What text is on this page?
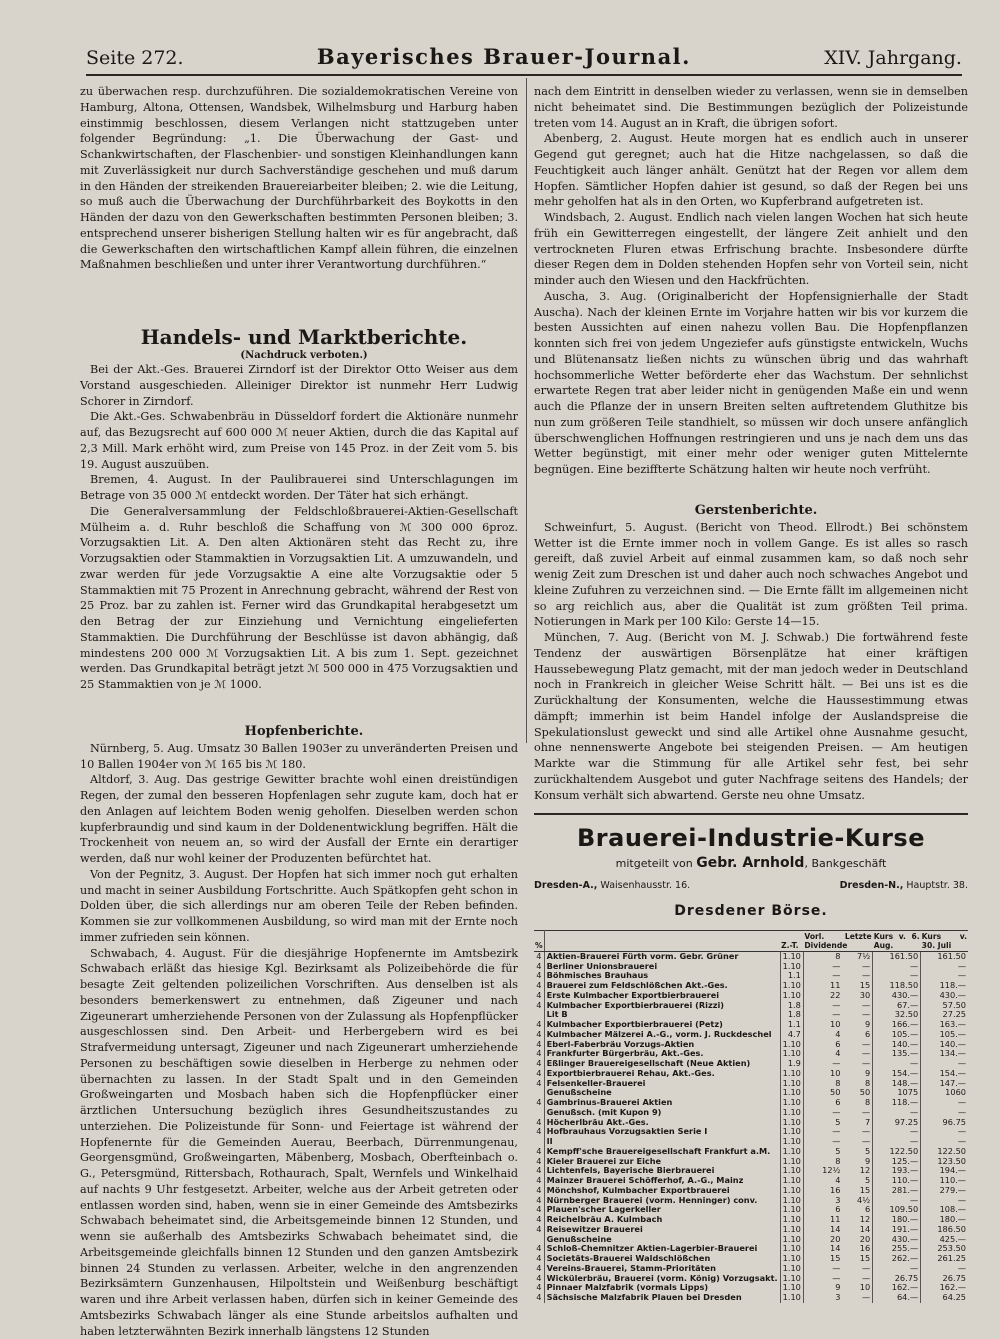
Seite 272.	Bayerisches Brauer-Journal.	XIV. Jahrgang.

zu überwachen resp. durchzuführen. Die sozialdemokratischen Vereine von Hamburg, Altona, Ottensen, Wandsbek, Wilhelmsburg und Harburg haben einstimmig beschlossen, diesem Verlangen nicht stattzugeben unter folgender Begründung: „1. Die Überwachung der Gast- und Schankwirtschaften, der Flaschenbier- und sonstigen Kleinhandlungen kann mit Zuverlässigkeit nur durch Sachverständige geschehen und muß darum in den Händen der streikenden Brauereiarbeiter bleiben; 2. wie die Leitung, so muß auch die Überwachung der Durchführbarkeit des Boykotts in den Händen der dazu von den Gewerkschaften bestimmten Personen bleiben; 3. entsprechend unserer bisherigen Stellung halten wir es für angebracht, daß die Gewerkschaften den wirtschaftlichen Kampf allein führen, die einzelnen Maßnahmen beschließen und unter ihrer Verantwortung durchführen.“

Handels- und Marktberichte.

(Nachdruck verboten.)

Bei der Akt.-Ges. Brauerei Zirndorf ist der Direktor Otto Weiser aus dem Vorstand ausgeschieden. Alleiniger Direktor ist nunmehr Herr Ludwig Schorer in Zirndorf.

Die Akt.-Ges. Schwabenbräu in Düsseldorf fordert die Aktionäre nunmehr auf, das Bezugsrecht auf 600 000 ℳ neuer Aktien, durch die das Kapital auf 2,3 Mill. Mark erhöht wird, zum Preise von 145 Proz. in der Zeit vom 5. bis 19. August auszuüben.

Bremen, 4. August. In der Paulibrauerei sind Unterschlagungen im Betrage von 35 000 ℳ entdeckt worden. Der Täter hat sich erhängt.

Die Generalversammlung der Feldschloßbrauerei-Aktien-Gesellschaft Mülheim a. d. Ruhr beschloß die Schaffung von ℳ 300 000 6proz. Vorzugsaktien Lit. A. Den alten Aktionären steht das Recht zu, ihre Vorzugsaktien oder Stammaktien in Vorzugsaktien Lit. A umzuwandeln, und zwar werden für jede Vorzugsaktie A eine alte Vorzugsaktie oder 5 Stammaktien mit 75 Prozent in Anrechnung gebracht, während der Rest von 25 Proz. bar zu zahlen ist. Ferner wird das Grundkapital herabgesetzt um den Betrag der zur Einziehung und Vernichtung eingelieferten Stammaktien. Die Durchführung der Beschlüsse ist davon abhängig, daß mindestens 200 000 ℳ Vorzugsaktien Lit. A bis zum 1. Sept. gezeichnet werden. Das Grundkapital beträgt jetzt ℳ 500 000 in 475 Vorzugsaktien und 25 Stammaktien von je ℳ 1000.

Hopfenberichte.

Nürnberg, 5. Aug. Umsatz 30 Ballen 1903er zu unveränderten Preisen und 10 Ballen 1904er von ℳ 165 bis ℳ 180.

Altdorf, 3. Aug. Das gestrige Gewitter brachte wohl einen dreistündigen Regen, der zumal den besseren Hopfenlagen sehr zugute kam, doch hat er den Anlagen auf leichtem Boden wenig geholfen. Dieselben werden schon kupferbraundig und sind kaum in der Doldenentwicklung begriffen. Hält die Trockenheit von neuem an, so wird der Ausfall der Ernte ein derartiger werden, daß nur wohl keiner der Produzenten befürchtet hat.

Von der Pegnitz, 3. August. Der Hopfen hat sich immer noch gut erhalten und macht in seiner Ausbildung Fortschritte. Auch Spätkopfen geht schon in Dolden über, die sich allerdings nur am oberen Teile der Reben befinden. Kommen sie zur vollkommenen Ausbildung, so wird man mit der Ernte noch immer zufrieden sein können.

Schwabach, 4. August. Für die diesjährige Hopfenernte im Amtsbezirk Schwabach erläßt das hiesige Kgl. Bezirksamt als Polizeibehörde die für besagte Zeit geltenden polizeilichen Vorschriften. Aus denselben ist als besonders bemerkenswert zu entnehmen, daß Zigeuner und nach Zigeunerart umherziehende Personen von der Zulassung als Hopfenpflücker ausgeschlossen sind. Den Arbeit- und Herbergebern wird es bei Strafvermeidung untersagt, Zigeuner und nach Zigeunerart umherziehende Personen zu beschäftigen sowie dieselben in Herberge zu nehmen oder übernachten zu lassen. In der Stadt Spalt und in den Gemeinden Großweingarten und Mosbach haben sich die Hopfenpflücker einer ärztlichen Untersuchung bezüglich ihres Gesundheitszustandes zu unterziehen. Die Polizeistunde für Sonn- und Feiertage ist während der Hopfenernte für die Gemeinden Auerau, Beerbach, Dürrenmungenau, Georgensgmünd, Großweingarten, Mäbenberg, Mosbach, Oberfteinbach o. G., Petersgmünd, Rittersbach, Rothaurach, Spalt, Wernfels und Winkelhaid auf nachts 9 Uhr festgesetzt. Arbeiter, welche aus der Arbeit getreten oder entlassen worden sind, haben, wenn sie in einer Gemeinde des Amtsbezirks Schwabach beheimatet sind, die Arbeitsgemeinde binnen 12 Stunden, und wenn sie außerhalb des Amtsbezirks Schwabach beheimatet sind, die Arbeitsgemeinde gleichfalls binnen 12 Stunden und den ganzen Amtsbezirk binnen 24 Stunden zu verlassen. Arbeiter, welche in den angrenzenden Bezirksämtern Gunzenhausen, Hilpoltstein und Weißenburg beschäftigt waren und ihre Arbeit verlassen haben, dürfen sich in keiner Gemeinde des Amtsbezirks Schwabach länger als eine Stunde arbeitslos aufhalten und haben letzterwähnten Bezirk innerhalb längstens 12 Stunden

nach dem Eintritt in denselben wieder zu verlassen, wenn sie in demselben nicht beheimatet sind. Die Bestimmungen bezüglich der Polizeistunde treten vom 14. August an in Kraft, die übrigen sofort.

Abenberg, 2. August. Heute morgen hat es endlich auch in unserer Gegend gut geregnet; auch hat die Hitze nachgelassen, so daß die Feuchtigkeit auch länger anhält. Genützt hat der Regen vor allem dem Hopfen. Sämtlicher Hopfen dahier ist gesund, so daß der Regen bei uns mehr geholfen hat als in den Orten, wo Kupferbrand aufgetreten ist.

Windsbach, 2. August. Endlich nach vielen langen Wochen hat sich heute früh ein Gewitterregen eingestellt, der längere Zeit anhielt und den vertrockneten Fluren etwas Erfrischung brachte. Insbesondere dürfte dieser Regen dem in Dolden stehenden Hopfen sehr von Vorteil sein, nicht minder auch den Wiesen und den Hackfrüchten.

Auscha, 3. Aug. (Originalbericht der Hopfensignierhalle der Stadt Auscha). Nach der kleinen Ernte im Vorjahre hatten wir bis vor kurzem die besten Aussichten auf einen nahezu vollen Bau. Die Hopfenpflanzen konnten sich frei von jedem Ungeziefer aufs günstigste entwickeln, Wuchs und Blütenansatz ließen nichts zu wünschen übrig und das wahrhaft hochsommerliche Wetter beförderte eher das Wachstum. Der sehnlichst erwartete Regen trat aber leider nicht in genügenden Maße ein und wenn auch die Pflanze der in unsern Breiten selten auftretendem Gluthitze bis nun zum größeren Teile standhielt, so müssen wir doch unsere anfänglich überschwenglichen Hoffnungen restringieren und uns je nach dem uns das Wetter begünstigt, mit einer mehr oder weniger guten Mittelernte begnügen. Eine beziffterte Schätzung halten wir heute noch verfrüht.

Gerstenberichte.

Schweinfurt, 5. August. (Bericht von Theod. Ellrodt.) Bei schönstem Wetter ist die Ernte immer noch in vollem Gange. Es ist alles so rasch gereift, daß zuviel Arbeit auf einmal zusammen kam, so daß noch sehr wenig Zeit zum Dreschen ist und daher auch noch schwaches Angebot und kleine Zufuhren zu verzeichnen sind. — Die Ernte fällt im allgemeinen nicht so arg reichlich aus, aber die Qualität ist zum größten Teil prima. Notierungen in Mark per 100 Kilo: Gerste 14—15.

München, 7. Aug. (Bericht von M. J. Schwab.) Die fortwährend feste Tendenz der auswärtigen Börsenplätze hat einer kräftigen Haussebewegung Platz gemacht, mit der man jedoch weder in Deutschland noch in Frankreich in gleicher Weise Schritt hält. — Bei uns ist es die Zurückhaltung der Konsumenten, welche die Haussestimmung etwas dämpft; immerhin ist beim Handel infolge der Auslandspreise die Spekulationslust geweckt und sind alle Artikel ohne Ausnahme gesucht, ohne nennenswerte Angebote bei steigenden Preisen. — Am heutigen Markte war die Stimmung für alle Artikel sehr fest, bei sehr zurückhaltendem Ausgebot und guter Nachfrage seitens des Handels; der Konsum verhält sich abwartend. Gerste neu ohne Umsatz.

Brauerei-Industrie-Kurse
mitgeteilt von Gebr. Arnhold, Bankgeschäft
Dresden-A., Waisenhausstr. 16.	Dresden-N., Hauptstr. 38.
Dresdener Börse.
%		Z.-T.	Vorl. Letzte Dividende		Kurs v. 6. Aug.	Kurs v. 30. Juli
4	Aktien-Brauerei Fürth vorm. Gebr. Grüner	1.10	8	7½	161.50	161.50
4	Berliner Unionsbrauerei	1.10	—	—	—	—
4	Böhmisches Brauhaus	1.1	—	—	—	—
4	Brauerei zum Feldschlößchen Akt.-Ges.	1.10	11	15	118.50	118.—
4	Erste Kulmbacher Exportbierbrauerei	1.10	22	30	430.—	430.—
4	Kulmbacher Exportbierbrauerei (Rizzi)	1.8	—	—	67.—	57.50
	Lit B	1.8	—	—	32.50	27.25
4	Kulmbacher Exportbierbrauerei (Petz)	1.1	10	9	166.—	163.—
4	Kulmbacher Mälzerei A.-G., vorm. J. Ruckdeschel	4.7	4	6	105.—	105.—
4	Eberl-Faberbräu Vorzugs-Aktien	1.10	6	—	140.—	140.—
4	Frankfurter Bürgerbräu, Akt.-Ges.	1.10	4	—	135.—	134.—
4	Eßlinger Brauereigesellschaft (Neue Aktien)	1.9	—	—	—	—
4	Exportbierbrauerei Rehau, Akt.-Ges.	1.10	10	9	154.—	154.—
4	Felsenkeller-Brauerei	1.10	8	8	148.—	147.—
	Genußscheine	1.10	50	50	1075	1060
4	Gambrinus-Brauerei Aktien	1.10	6	8	118.—	—
	Genußsch. (mit Kupon 9)	1.10	—	—	—	—
4	Höcherlbräu Akt.-Ges.	1.10	5	7	97.25	96.75
4	Hofbrauhaus Vorzugsaktien Serie I	1.10	—	—	—	—
	II	1.10	—	—	—	—
4	Kempff'sche Brauereigesellschaft Frankfurt a.M.	1.10	5	5	122.50	122.50
4	Kieler Brauerei zur Eiche	1.10	8	9	125.—	123.50
4	Lichtenfels, Bayerische Bierbrauerei	1.10	12½	12	193.—	194.—
4	Mainzer Brauerei Schöfferhof, A.-G., Mainz	1.10	4	5	110.—	110.—
4	Mönchshof, Kulmbacher Exportbrauerei	1.10	16	15	281.—	279.—
4	Nürnberger Brauerei (vorm. Henninger) conv.	1.10	3	4½	—	—
4	Plauen'scher Lagerkeller	1.10	6	6	109.50	108.—
4	Reichelbräu A. Kulmbach	1.10	11	12	180.—	180.—
4	Reisewitzer Brauerei	1.10	14	14	191.—	186.50
	Genußscheine	1.10	20	20	430.—	425.—
4	Schloß-Chemnitzer Aktien-Lagerbier-Brauerei	1.10	14	16	255.—	253.50
4	Societäts-Brauerei Waldschlößchen	1.10	15	15	262.—	261.25
4	Vereins-Brauerei, Stamm-Prioritäten	1.10	—	—	—	—
4	Wickülerbräu, Brauerei (vorm. König) Vorzugsakt.	1.10	—	—	26.75	26.75
4	Pinnaer Malzfabrik (vormals Lipps)	1.10	9	10	162.—	162.—
4	Sächsische Malzfabrik Plauen bei Dresden	1.10	3	—	64.—	64.25
